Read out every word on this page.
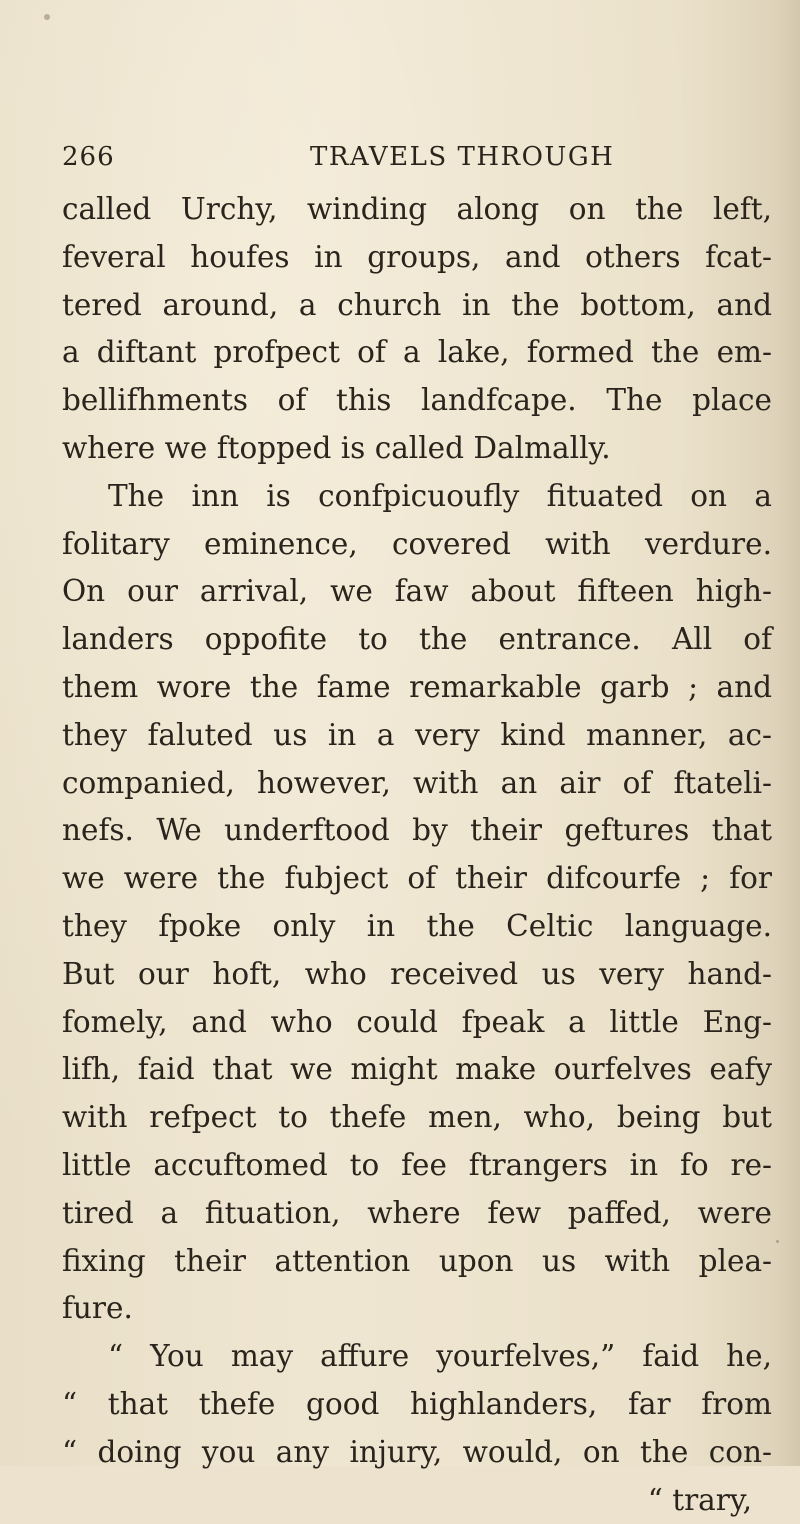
266	TRAVELS THROUGH
called Urchy, winding along on the left,
feveral houfes in groups, and others fcat-
tered around, a church in the bottom, and
a diftant profpect of a lake, formed the em-
bellifhments of this landfcape. The place
where we ftopped is called Dalmally.
The inn is confpicuoufly fituated on a
folitary eminence, covered with verdure.
On our arrival, we faw about fifteen high-
landers oppofite to the entrance. All of
them wore the fame remarkable garb ; and
they faluted us in a very kind manner, ac-
companied, however, with an air of ftateli-
nefs. We underftood by their geftures that
we were the fubject of their difcourfe ; for
they fpoke only in the Celtic language.
But our hoft, who received us very hand-
fomely, and who could fpeak a little Eng-
lifh, faid that we might make ourfelves eafy
with refpect to thefe men, who, being but
little accuftomed to fee ftrangers in fo re-
tired a fituation, where few paffed, were
fixing their attention upon us with plea-
fure.
“ You may affure yourfelves,” faid he,
“ that thefe good highlanders, far from
“ doing you any injury, would, on the con-
“ trary,
